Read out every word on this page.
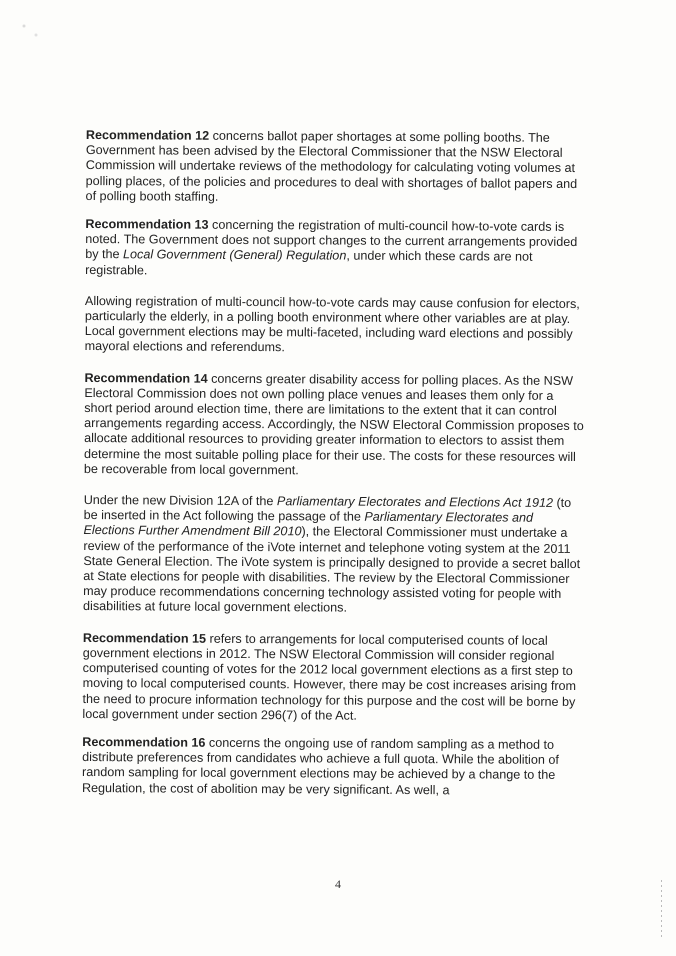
Recommendation 12 concerns ballot paper shortages at some polling booths. The Government has been advised by the Electoral Commissioner that the NSW Electoral Commission will undertake reviews of the methodology for calculating voting volumes at polling places, of the policies and procedures to deal with shortages of ballot papers and of polling booth staffing.

Recommendation 13 concerning the registration of multi-council how-to-vote cards is noted. The Government does not support changes to the current arrangements provided by the Local Government (General) Regulation, under which these cards are not registrable.

Allowing registration of multi-council how-to-vote cards may cause confusion for electors, particularly the elderly, in a polling booth environment where other variables are at play. Local government elections may be multi-faceted, including ward elections and possibly mayoral elections and referendums.

Recommendation 14 concerns greater disability access for polling places. As the NSW Electoral Commission does not own polling place venues and leases them only for a short period around election time, there are limitations to the extent that it can control arrangements regarding access. Accordingly, the NSW Electoral Commission proposes to allocate additional resources to providing greater information to electors to assist them determine the most suitable polling place for their use. The costs for these resources will be recoverable from local government.

Under the new Division 12A of the Parliamentary Electorates and Elections Act 1912 (to be inserted in the Act following the passage of the Parliamentary Electorates and Elections Further Amendment Bill 2010), the Electoral Commissioner must undertake a review of the performance of the iVote internet and telephone voting system at the 2011 State General Election. The iVote system is principally designed to provide a secret ballot at State elections for people with disabilities. The review by the Electoral Commissioner may produce recommendations concerning technology assisted voting for people with disabilities at future local government elections.

Recommendation 15 refers to arrangements for local computerised counts of local government elections in 2012. The NSW Electoral Commission will consider regional computerised counting of votes for the 2012 local government elections as a first step to moving to local computerised counts. However, there may be cost increases arising from the need to procure information technology for this purpose and the cost will be borne by local government under section 296(7) of the Act.

Recommendation 16 concerns the ongoing use of random sampling as a method to distribute preferences from candidates who achieve a full quota. While the abolition of random sampling for local government elections may be achieved by a change to the Regulation, the cost of abolition may be very significant. As well, a

4
